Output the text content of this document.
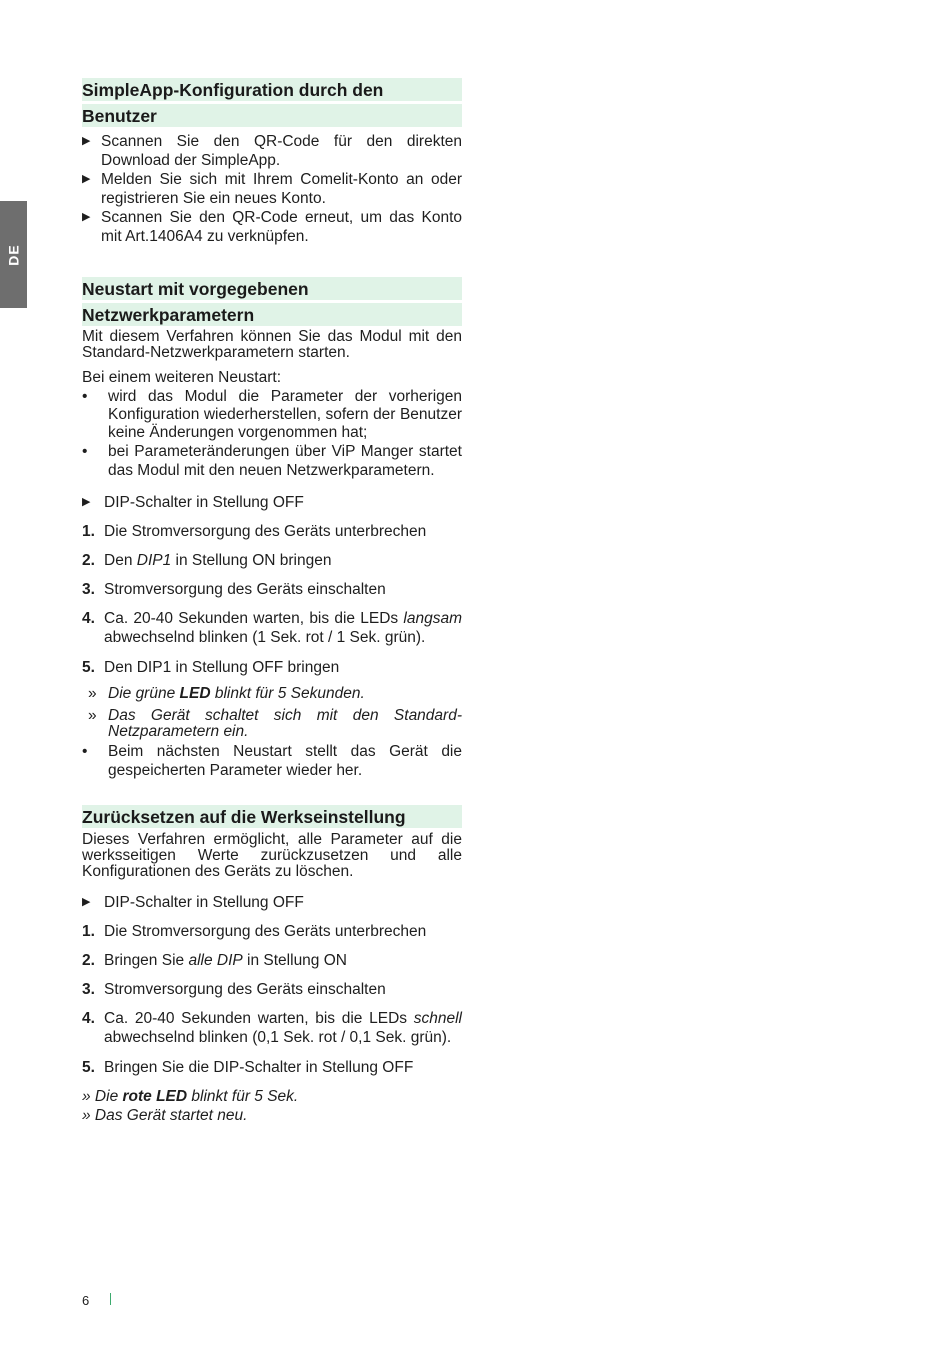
DE
SimpleApp-Konfiguration durch den
Benutzer
▶ Scannen Sie den QR-Code für den direkten Download der SimpleApp.
▶ Melden Sie sich mit Ihrem Comelit-Konto an oder registrieren Sie ein neues Konto.
▶ Scannen Sie den QR-Code erneut, um das Konto mit Art.1406A4 zu verknüpfen.
Neustart mit vorgegebenen
Netzwerkparametern

Mit diesem Verfahren können Sie das Modul mit den Standard-Netzwerkparametern starten.

Bei einem weiteren Neustart:

• wird das Modul die Parameter der vorherigen Konfiguration wiederherstellen, sofern der Benutzer keine Änderungen vorgenommen hat;
• bei Parameteränderungen über ViP Manger startet das Modul mit den neuen Netzwerkparametern.
▶ DIP-Schalter in Stellung OFF
1. Die Stromversorgung des Geräts unterbrechen
2. Den DIP1 in Stellung ON bringen
3. Stromversorgung des Geräts einschalten
4. Ca. 20-40 Sekunden warten, bis die LEDs langsam abwechselnd blinken (1 Sek. rot / 1 Sek. grün).
5. Den DIP1 in Stellung OFF bringen
» Die grüne LED blinkt für 5 Sekunden.
» Das Gerät schaltet sich mit den Standard-Netzparametern ein.
• Beim nächsten Neustart stellt das Gerät die gespeicherten Parameter wieder her.
Zurücksetzen auf die Werkseinstellung

Dieses Verfahren ermöglicht, alle Parameter auf die werksseitigen Werte zurückzusetzen und alle Konfigurationen des Geräts zu löschen.

▶ DIP-Schalter in Stellung OFF
1. Die Stromversorgung des Geräts unterbrechen
2. Bringen Sie alle DIP in Stellung ON
3. Stromversorgung des Geräts einschalten
4. Ca. 20-40 Sekunden warten, bis die LEDs schnell abwechselnd blinken (0,1 Sek. rot / 0,1 Sek. grün).
5. Bringen Sie die DIP-Schalter in Stellung OFF
» Die rote LED blinkt für 5 Sek.
» Das Gerät startet neu.
6
